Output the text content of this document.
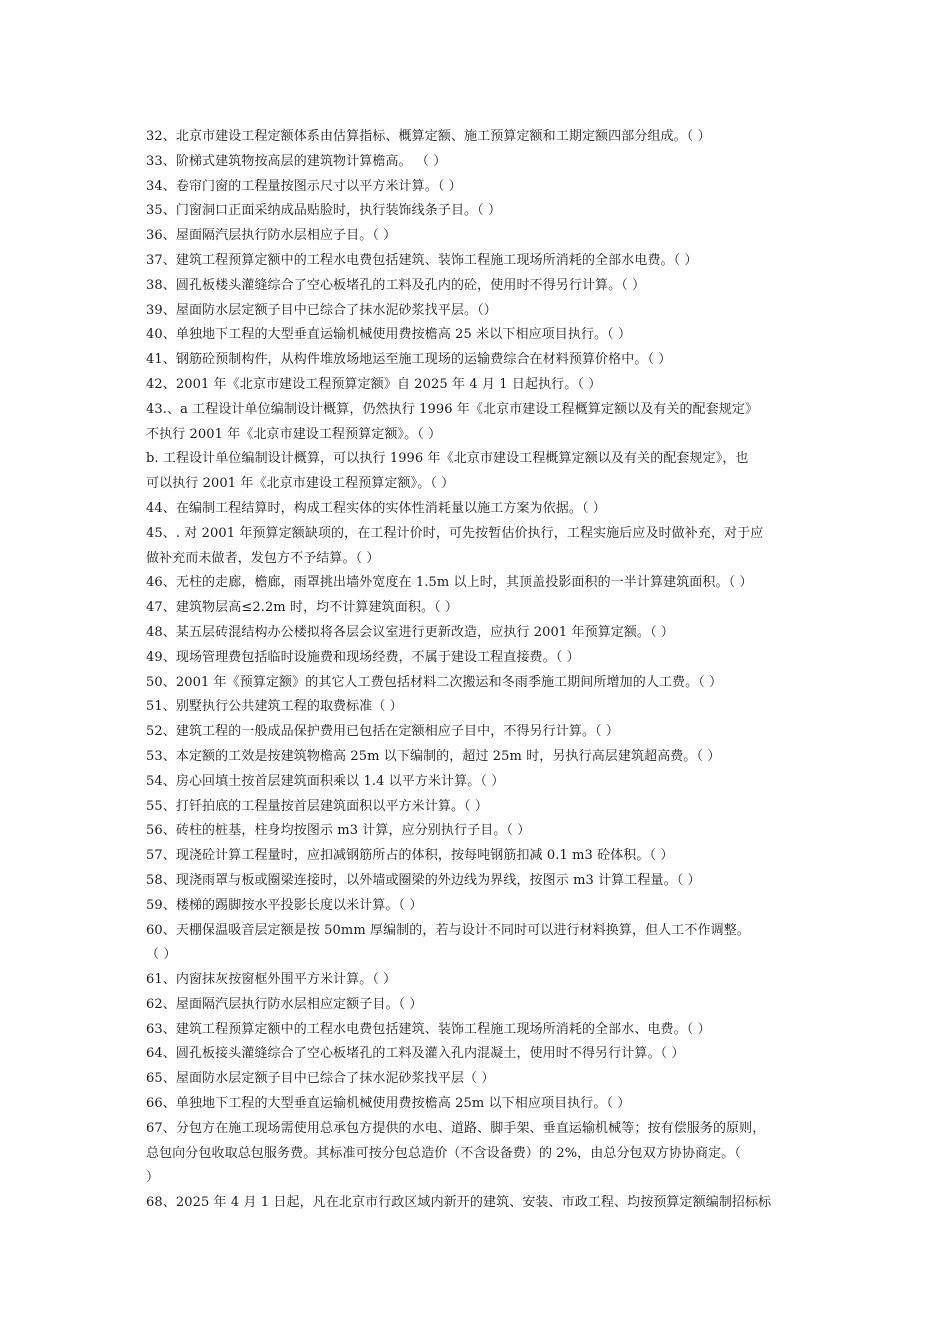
32、北京市建设工程定额体系由估算指标、概算定额、施工预算定额和工期定额四部分组成。（ ）
33、阶梯式建筑物按高层的建筑物计算檐高。 （ ）
34、卷帘门窗的工程量按图示尺寸以平方米计算。（ ）
35、门窗洞口正面采纳成品贴脸时，执行装饰线条子目。（ ）
36、屋面隔汽层执行防水层相应子目。（ ）
37、建筑工程预算定额中的工程水电费包括建筑、装饰工程施工现场所消耗的全部水电费。（ ）
38、圆孔板楼头灌缝综合了空心板堵孔的工料及孔内的砼，使用时不得另行计算。（ ）
39、屋面防水层定额子目中已综合了抹水泥砂浆找平层。（）
40、单独地下工程的大型垂直运输机械使用费按檐高 25 米以下相应项目执行。（ ）
41、钢筋砼预制构件，从构件堆放场地运至施工现场的运输费综合在材料预算价格中。（ ）
42、2001 年《北京市建设工程预算定额》自 2025 年 4 月 1 日起执行。（ ）
43.、a 工程设计单位编制设计概算，仍然执行 1996 年《北京市建设工程概算定额以及有关的配套规定》
不执行 2001 年《北京市建设工程预算定额》。（ ）
b. 工程设计单位编制设计概算，可以执行 1996 年《北京市建设工程概算定额以及有关的配套规定》，也
可以执行 2001 年《北京市建设工程预算定额》。（ ）
44、在编制工程结算时，构成工程实体的实体性消耗量以施工方案为依据。（ ）
45、. 对 2001 年预算定额缺项的，在工程计价时，可先按暂估价执行，工程实施后应及时做补充，对于应
做补充而未做者，发包方不予结算。（ ）
46、无柱的走廊，檐廊，雨罩挑出墙外宽度在 1.5m 以上时，其顶盖投影面积的一半计算建筑面积。（ ）
47、建筑物层高≤2.2m 时，均不计算建筑面积。（ ）
48、某五层砖混结构办公楼拟将各层会议室进行更新改造，应执行 2001 年预算定额。（ ）
49、现场管理费包括临时设施费和现场经费，不属于建设工程直接费。（ ）
50、2001 年《预算定额》的其它人工费包括材料二次搬运和冬雨季施工期间所增加的人工费。（ ）
51、别墅执行公共建筑工程的取费标准（ ）
52、建筑工程的一般成品保护费用已包括在定额相应子目中，不得另行计算。（ ）
53、本定额的工效是按建筑物檐高 25m 以下编制的，超过 25m 时，另执行高层建筑超高费。（ ）
54、房心回填土按首层建筑面积乘以 1.4 以平方米计算。（ ）
55、打钎拍底的工程量按首层建筑面积以平方米计算。（ ）
56、砖柱的桩基，柱身均按图示 m3 计算，应分别执行子目。（ ）
57、现浇砼计算工程量时，应扣减钢筋所占的体积，按每吨钢筋扣减 0.1 m3 砼体积。（ ）
58、现浇雨罩与板或圈梁连接时，以外墙或圈梁的外边线为界线，按图示 m3 计算工程量。（ ）
59、楼梯的踢脚按水平投影长度以米计算。（ ）
60、天棚保温吸音层定额是按 50mm 厚编制的，若与设计不同时可以进行材料换算，但人工不作调整。
（ ）
61、内窗抹灰按窗框外围平方米计算。（ ）
62、屋面隔汽层执行防水层相应定额子目。（ ）
63、建筑工程预算定额中的工程水电费包括建筑、装饰工程施工现场所消耗的全部水、电费。（ ）
64、圆孔板接头灌缝综合了空心板堵孔的工料及灌入孔内混凝土，使用时不得另行计算。（ ）
65、屋面防水层定额子目中已综合了抹水泥砂浆找平层（ ）
66、单独地下工程的大型垂直运输机械使用费按檐高 25m 以下相应项目执行。（ ）
67、分包方在施工现场需使用总承包方提供的水电、道路、脚手架、垂直运输机械等；按有偿服务的原则，
总包向分包收取总包服务费。其标准可按分包总造价（不含设备费）的 2%，由总分包双方协协商定。（
）
68、2025 年 4 月 1 日起，凡在北京市行政区域内新开的建筑、安装、市政工程、均按预算定额编制招标标
